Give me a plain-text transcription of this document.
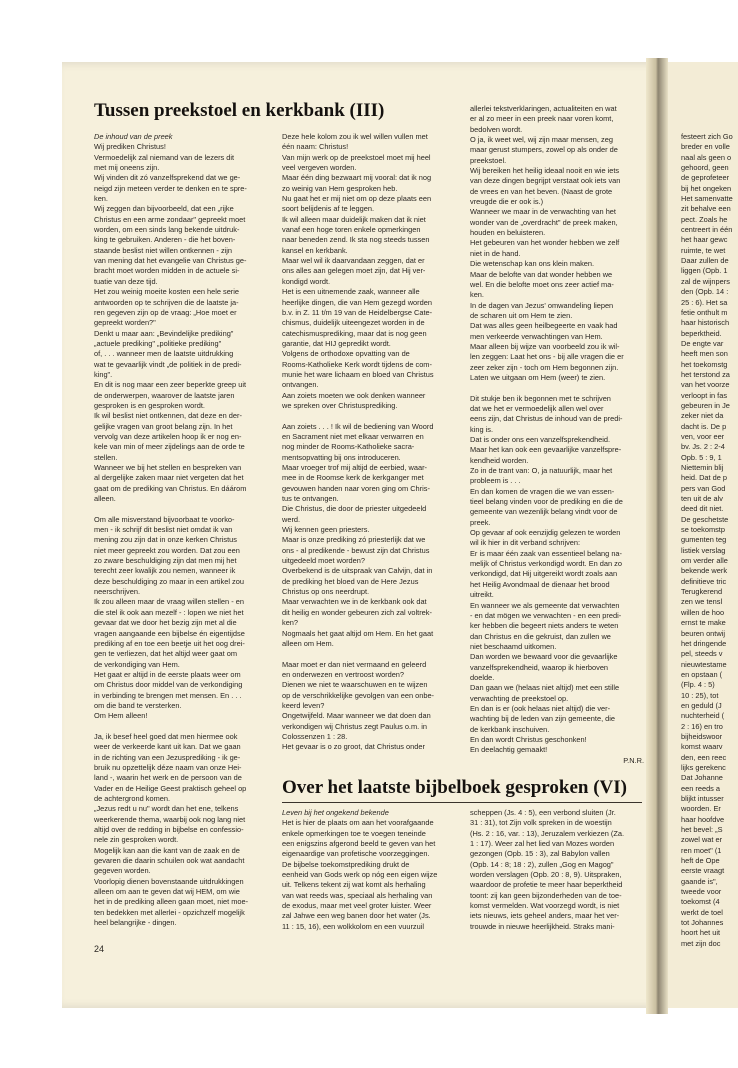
festeert zich Go
breder en volle
naal als geen o
gehoord, geen
de geprofeteer
bij het ongeken
Het samenvatte
zit behalve een
pect. Zoals he
centreert in één
het haar gewc
ruimte, te wet
Daar zullen de
liggen (Opb. 1
zal de wijnpers
den (Opb. 14 :
25 : 6). Het sa
fetie onthult m
haar historisch
beperktheid.
De engte var
heeft men son
het toekomstg
het terstond za
van het voorze
verloopt in fas
gebeuren in Je
zeker niet da
dacht is. De p
ven, voor eer
bv. Js. 2 : 2-4
Opb. 5 : 9, 1
Niettemin blij
heid. Dat de p
pers van God
ten uit de alv
deed dit niet.
De geschetste
se toekomstp
gumenten teg
listiek verslag
om verder alle
bekende werk
definitieve tric
Terugkerend
zen we tensl
willen de hoo
ernst te make
beuren ontwij
het dringende
pel, steeds v
nieuwtestame
en opstaan (
(Flp. 4 : 5)
10 : 25), tot
en geduld (J
nuchterheid (
2 : 16) en tro
bijheidswoor
komst waarv
den, een reec
lijks gerekenc
Dat Johanne
een reeds a
blijkt intusser
woorden. Er
haar hoofdve
het bevel: „S
zowel wat er
ren moet" (1
heft de Ope
eerste vraagt
gaande is",
tweede voor
toekomst (4
werkt de toel
tot Johannes
hoort het uit
met zijn doc
Tussen preekstoel en kerkbank (III)
De inhoud van de preek
Wij prediken Christus!
Vermoedelijk zal niemand van de lezers dit
met mij oneens zijn.
Wij vinden dit zó vanzelfsprekend dat we ge-
neigd zijn meteen verder te denken en te spre-
ken.
Wij zeggen dan bijvoorbeeld, dat een „rijke
Christus en een arme zondaar" gepreekt moet
worden, om een sinds lang bekende uitdruk-
king te gebruiken. Anderen - die het boven-
staande beslist niet willen ontkennen - zijn
van mening dat het evangelie van Christus ge-
bracht moet worden midden in de actuele si-
tuatie van deze tijd.
Het zou weinig moeite kosten een hele serie
antwoorden op te schrijven die de laatste ja-
ren gegeven zijn op de vraag: „Hoe moet er
gepreekt worden?"
Denkt u maar aan: „Bevindelijke prediking"
„actuele prediking" „politieke prediking"
of, . . . wanneer men de laatste uitdrukking
wat te gevaarlijk vindt „de politiek in de predi-
king".
En dit is nog maar een zeer beperkte greep uit
de onderwerpen, waarover de laatste jaren
gesproken is en gesproken wordt.
Ik wil beslist niet ontkennen, dat deze en der-
gelijke vragen van groot belang zijn. In het
vervolg van deze artikelen hoop ik er nog en-
kele van min of meer zijdelings aan de orde te
stellen.
Wanneer we bij het stellen en bespreken van
al dergelijke zaken maar niet vergeten dat het
gaat om de prediking van Christus. En dáárom
alleen.
Om alle misverstand bijvoorbaat te voorko-
men - ik schrijf dit beslist niet omdat ik van
mening zou zijn dat in onze kerken Christus
niet meer gepreekt zou worden. Dat zou een
zo zware beschuldiging zijn dat men mij het
terecht zeer kwalijk zou nemen, wanneer ik
deze beschuldiging zo maar in een artikel zou
neerschrijven.
Ik zou alleen maar de vraag willen stellen - en
die stel ik ook aan mezelf - : lopen we niet het
gevaar dat we door het bezig zijn met al die
vragen aangaande een bijbelse én eigentijdse
prediking af en toe een beetje uit het oog drei-
gen te verliezen, dat het altijd weer gaat om
de verkondiging van Hem.
Het gaat er altijd in de eerste plaats weer om
om Christus door middel van de verkondiging
in verbinding te brengen met mensen. En . . .
om die band te versterken.
Om Hem alleen!
Ja, ik besef heel goed dat men hiermee ook
weer de verkeerde kant uit kan. Dat we gaan
in de richting van een Jezusprediking - ik ge-
bruik nu opzettelijk déze naam van onze Hei-
land -, waarin het werk en de persoon van de
Vader en de Heilige Geest praktisch geheel op
de achtergrond komen.
„Jezus redt u nu" wordt dan het ene, telkens
weerkerende thema, waarbij ook nog lang niet
altijd over de redding in bijbelse en confessio-
nele zin gesproken wordt.
Mogelijk kan aan die kant van de zaak en de
gevaren die daarin schuilen ook wat aandacht
gegeven worden.
Voorlopig dienen bovenstaande uitdrukkingen
alleen om aan te geven dat wij HEM, om wie
het in de prediking alleen gaan moet, niet moe-
ten bedekken met allerlei - opzichzelf mogelijk
heel belangrijke - dingen.
Deze hele kolom zou ik wel willen vullen met
één naam: Christus!
Van mijn werk op de preekstoel moet mij heel
veel vergeven worden.
Maar één ding bezwaart mij vooral: dat ik nog
zo weinig van Hem gesproken heb.
Nu gaat het er mij niet om op deze plaats een
soort belijdenis af te leggen.
Ik wil alleen maar duidelijk maken dat ik niet
vanaf een hoge toren enkele opmerkingen
naar beneden zend. Ik sta nog steeds tussen
kansel en kerkbank.
Maar wel wil ik daarvandaan zeggen, dat er
ons alles aan gelegen moet zijn, dat Hij ver-
kondigd wordt.
Het is een uitnemende zaak, wanneer alle
heerlijke dingen, die van Hem gezegd worden
b.v. in Z. 11 t/m 19 van de Heidelbergse Cate-
chismus, duidelijk uiteengezet worden in de
catechismusprediking, maar dat is nog geen
garantie, dat HIJ gepredikt wordt.
Volgens de orthodoxe opvatting van de
Rooms-Katholieke Kerk wordt tijdens de com-
munie het ware lichaam en bloed van Christus
ontvangen.
Aan zoiets moeten we ook denken wanneer
we spreken over Christusprediking.
Aan zoiets . . . ! Ik wil de bediening van Woord
en Sacrament niet met elkaar verwarren en
nog minder de Rooms-Katholieke sacra-
mentsopvatting bij ons introduceren.
Maar vroeger trof mij altijd de eerbied, waar-
mee in de Roomse kerk de kerkganger met
gevouwen handen naar voren ging om Chris-
tus te ontvangen.
Die Christus, die door de priester uitgedeeld
werd.
Wij kennen geen priesters.
Maar is onze prediking zó priesterlijk dat we
ons - al predikende - bewust zijn dat Christus
uitgedeeld moet worden?
Overbekend is de uitspraak van Calvijn, dat in
de prediking het bloed van de Here Jezus
Christus op ons neerdrupt.
Maar verwachten we in de kerkbank ook dat
dit heilig en wonder gebeuren zich zal voltrek-
ken?
Nogmaals het gaat altijd om Hem. En het gaat
alleen om Hem.
Maar moet er dan niet vermaand en geleerd
en onderwezen en vertroost worden?
Dienen we niet te waarschuwen en te wijzen
op de verschrikkelijke gevolgen van een onbe-
keerd leven?
Ongetwijfeld. Maar wanneer we dat doen dan
verkondigen wij Christus zegt Paulus o.m. in
Colossenzen 1 : 28.
Het gevaar is o zo groot, dat Christus onder
allerlei tekstverklaringen, actualiteiten en wat
er al zo meer in een preek naar voren komt,
bedolven wordt.
O ja, ik weet wel, wij zijn maar mensen, zeg
maar gerust stumpers, zowel op als onder de
preekstoel.
Wij bereiken het heilig ideaal nooit en wie iets
van deze dingen begrijpt verstaat ook iets van
de vrees en van het beven. (Naast de grote
vreugde die er ook is.)
Wanneer we maar in de verwachting van het
wonder van de „overdracht" de preek maken,
houden en beluisteren.
Het gebeuren van het wonder hebben we zelf
niet in de hand.
Die wetenschap kan ons klein maken.
Maar de belofte van dat wonder hebben we
wel. En die belofte moet ons zeer actief ma-
ken.
In de dagen van Jezus' omwandeling liepen
de scharen uit om Hem te zien.
Dat was alles geen heilbegeerte en vaak had
men verkeerde verwachtingen van Hem.
Maar alleen bij wijze van voorbeeld zou ik wil-
len zeggen: Laat het ons - bij alle vragen die er
zeer zeker zijn - toch om Hem begonnen zijn.
Laten we uitgaan om Hem (weer) te zien.
Dit stukje ben ik begonnen met te schrijven
dat we het er vermoedelijk allen wel over
eens zijn, dat Christus de inhoud van de predi-
king is.
Dat is onder ons een vanzelfsprekendheid.
Maar het kan ook een gevaarlijke vanzelfspre-
kendheid worden.
Zo in de trant van: O, ja natuurlijk, maar het
probleem is . . .
En dan komen de vragen die we van essen-
tieel belang vinden voor de prediking en die de
gemeente van wezenlijk belang vindt voor de
preek.
Op gevaar af ook eenzijdig gelezen te worden
wil ik hier in dit verband schrijven:
Er is maar één zaak van essentieel belang na-
melijk of Christus verkondigd wordt. En dan zo
verkondigd, dat Hij uitgereikt wordt zoals aan
het Heilig Avondmaal de dienaar het brood
uitreikt.
En wanneer we als gemeente dat verwachten
- en dat mögen we verwachten - en een predi-
ker hebben die begeert niets anders te weten
dan Christus en die gekruist, dan zullen we
niet beschaamd uitkomen.
Dan worden we bewaard voor die gevaarlijke
vanzelfsprekendheid, waarop ik hierboven
doelde.
Dan gaan we (helaas niet altijd) met een stille
verwachting de preekstoel op.
En dan is er (ook helaas niet altijd) die ver-
wachting bij de leden van zijn gemeente, die
de kerkbank inschuiven.
En dan wordt Christus geschonken!
En deelachtig gemaakt!
P.N.R.
Over het laatste bijbelboek gesproken (VI)
Leven bij het ongekend bekende
Het is hier de plaats om aan het voorafgaande
enkele opmerkingen toe te voegen teneinde
een enigszins afgerond beeld te geven van het
eigenaardige van profetische voorzeggingen.
De bijbelse toekomstprediking drukt de
eenheid van Gods werk op nóg een eigen wijze
uit. Telkens tekent zij wat komt als herhaling
van wat reeds was, speciaal als herhaling van
de exodus, maar met veel groter luister. Weer
zal Jahwe een weg banen door het water (Js.
11 : 15, 16), een wolkkolom en een vuurzuil
scheppen (Js. 4 : 5), een verbond sluiten (Jr.
31 : 31), tot Zijn volk spreken in de woestijn
(Hs. 2 : 16, var. : 13), Jeruzalem verkiezen (Za.
1 : 17). Weer zal het lied van Mozes worden
gezongen (Opb. 15 : 3), zal Babylon vallen
(Opb. 14 : 8; 18 : 2), zullen „Gog en Magog"
worden verslagen (Opb. 20 : 8, 9). Uitspraken,
waardoor de profetie te meer haar beperktheid
toont: zij kan geen bijzonderheden van de toe-
komst vermelden. Wat voorzegd wordt, is niet
iets nieuws, iets geheel anders, maar het ver-
trouwde in nieuwe heerlijkheid. Straks mani-
24
